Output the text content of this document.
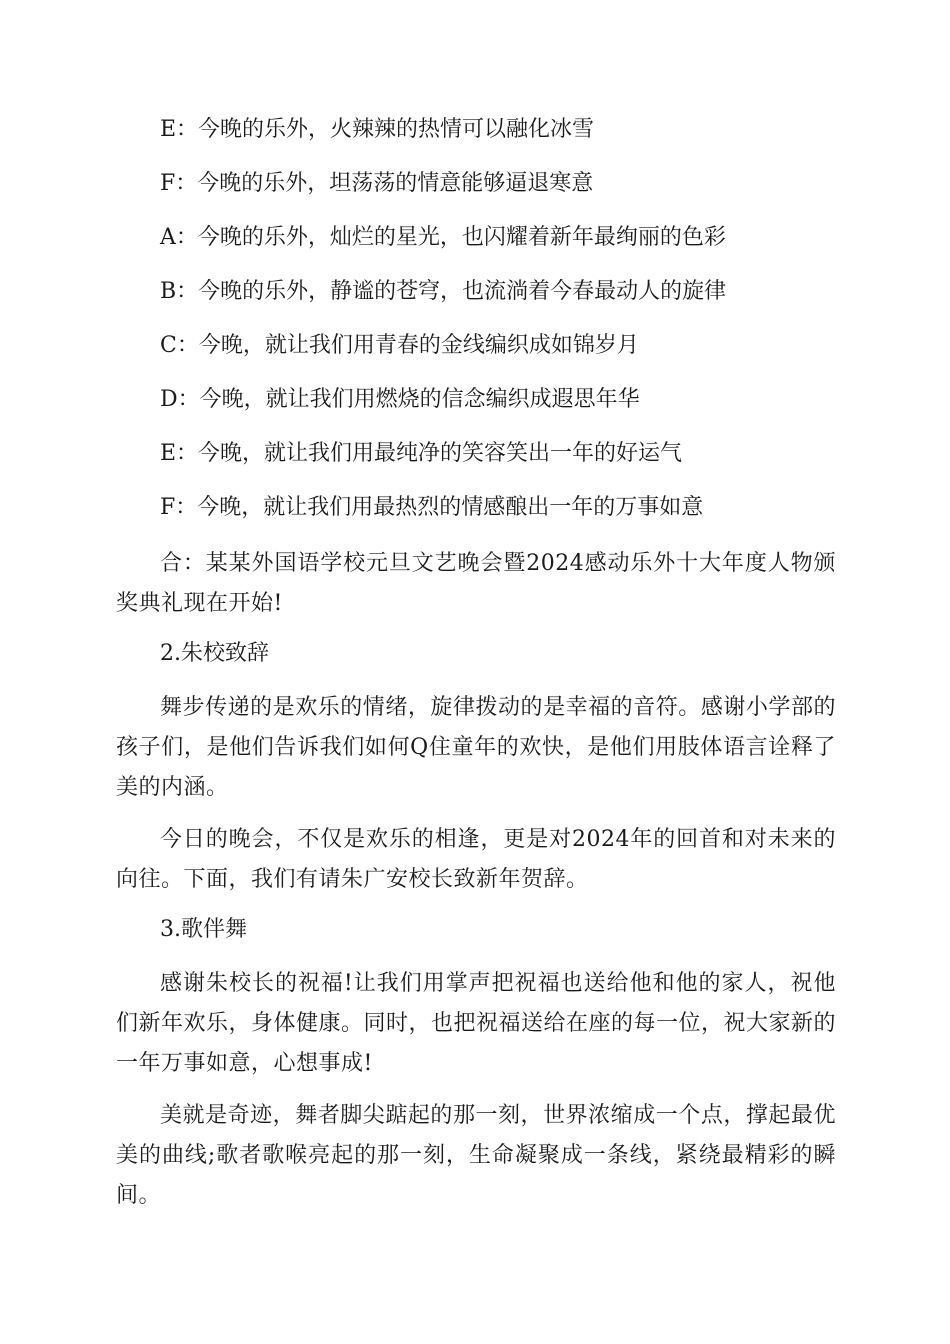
E：今晚的乐外，火辣辣的热情可以融化冰雪

F：今晚的乐外，坦荡荡的情意能够逼退寒意

A：今晚的乐外，灿烂的星光，也闪耀着新年最绚丽的色彩

B：今晚的乐外，静谧的苍穹，也流淌着今春最动人的旋律

C：今晚，就让我们用青春的金线编织成如锦岁月

D：今晚，就让我们用燃烧的信念编织成遐思年华

E：今晚，就让我们用最纯净的笑容笑出一年的好运气

F：今晚，就让我们用最热烈的情感酿出一年的万事如意

合：某某外国语学校元旦文艺晚会暨2024感动乐外十大年度人物颁奖典礼现在开始!

2.朱校致辞

舞步传递的是欢乐的情绪，旋律拨动的是幸福的音符。感谢小学部的孩子们，是他们告诉我们如何Q住童年的欢快，是他们用肢体语言诠释了美的内涵。

今日的晚会，不仅是欢乐的相逢，更是对2024年的回首和对未来的向往。下面，我们有请朱广安校长致新年贺辞。

3.歌伴舞

感谢朱校长的祝福!让我们用掌声把祝福也送给他和他的家人，祝他们新年欢乐，身体健康。同时，也把祝福送给在座的每一位，祝大家新的一年万事如意，心想事成!

美就是奇迹，舞者脚尖踮起的那一刻，世界浓缩成一个点，撑起最优美的曲线;歌者歌喉亮起的那一刻，生命凝聚成一条线，紧绕最精彩的瞬间。
